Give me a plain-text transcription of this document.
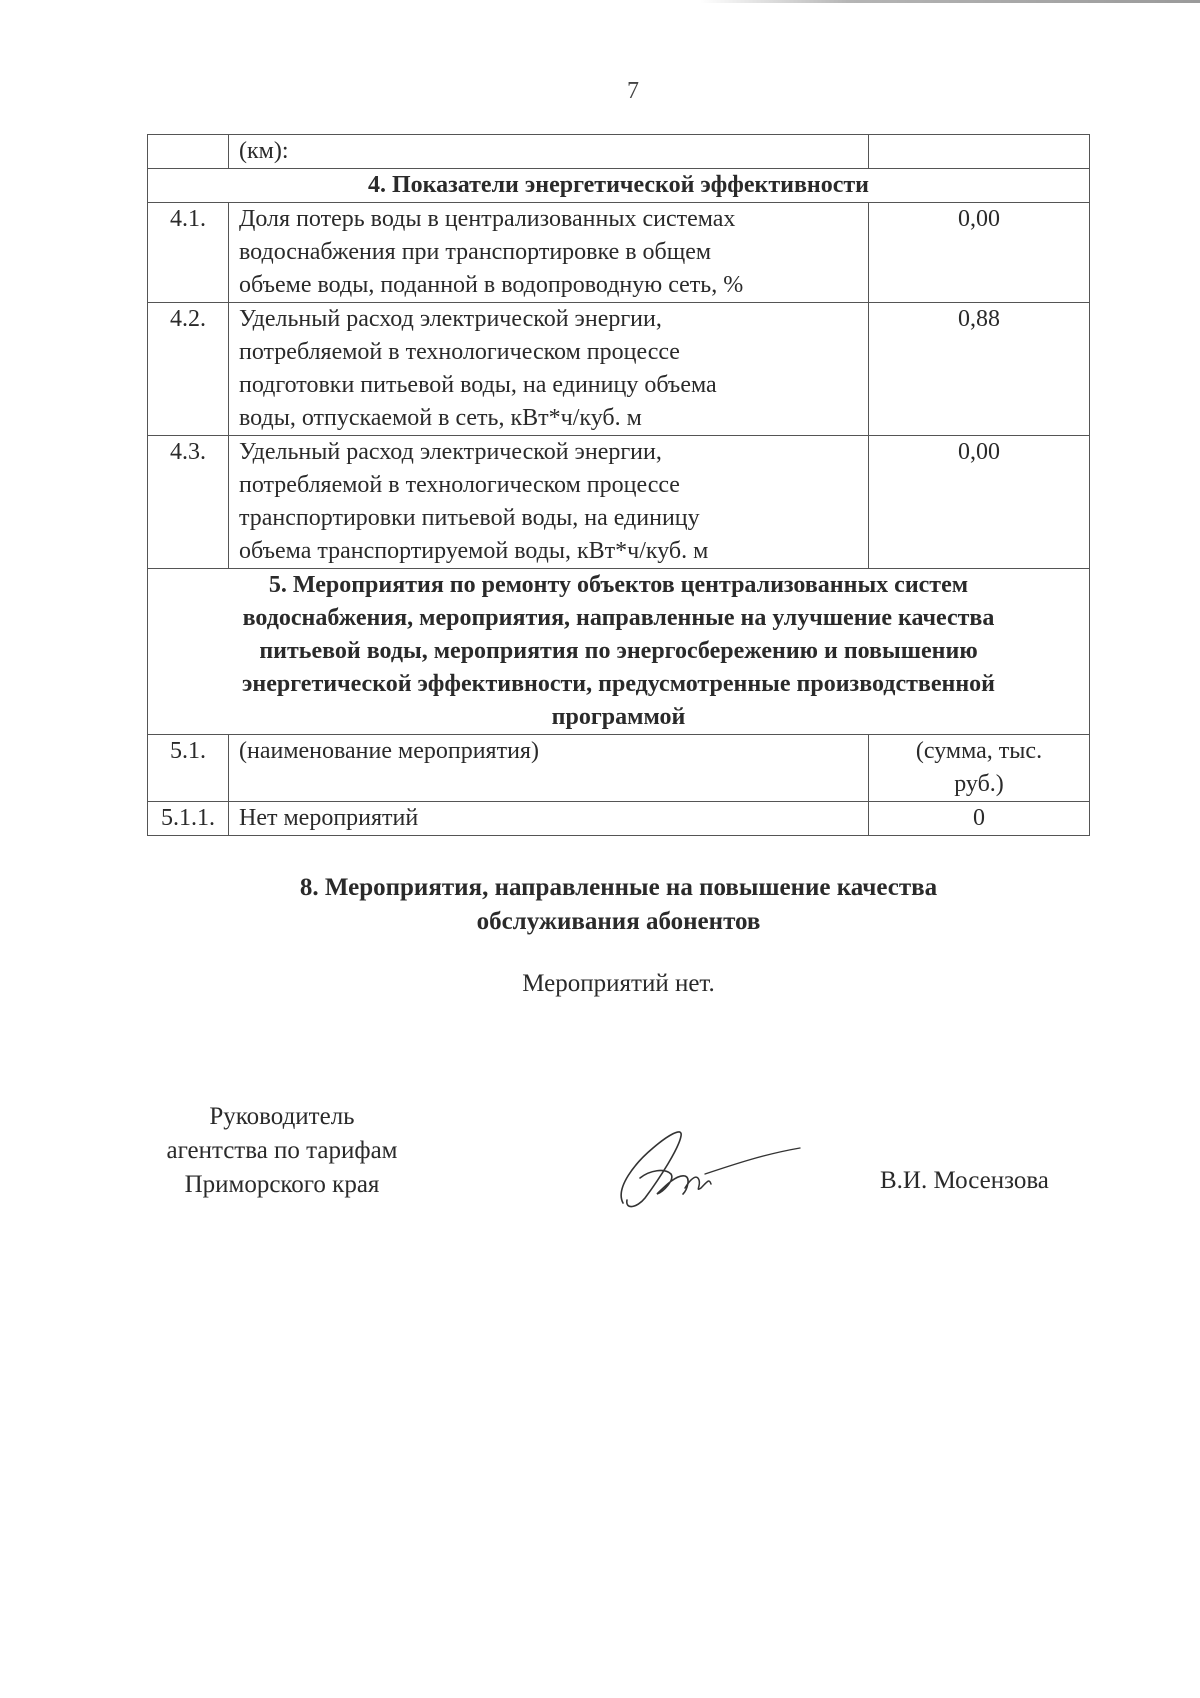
7
	(км):	
4. Показатели энергетической эффективности		
4.1.	Доля потерь воды в централизованных системах
водоснабжения при транспортировке в общем
объеме воды, поданной в водопроводную сеть, %	0,00
4.2.	Удельный расход электрической энергии,
потребляемой в технологическом процессе
подготовки питьевой воды, на единицу объема
воды, отпускаемой в сеть, кВт*ч/куб. м	0,88
4.3.	Удельный расход электрической энергии,
потребляемой в технологическом процессе
транспортировки питьевой воды, на единицу
объема транспортируемой воды, кВт*ч/куб. м	0,00

5. Мероприятия по ремонту объектов централизованных систем
водоснабжения, мероприятия, направленные на улучшение качества
питьевой воды, мероприятия по энергосбережению и повышению
энергетической эффективности, предусмотренные производственной
программой		

5.1.	(наименование мероприятия)	(сумма, тыс.
руб.)

5.1.1.	Нет мероприятий	0
8. Мероприятия, направленные на повышение качества
обслуживания абонентов
Мероприятий нет.
Руководитель
агентства по тарифам
Приморского края	В.И. Мосензова
